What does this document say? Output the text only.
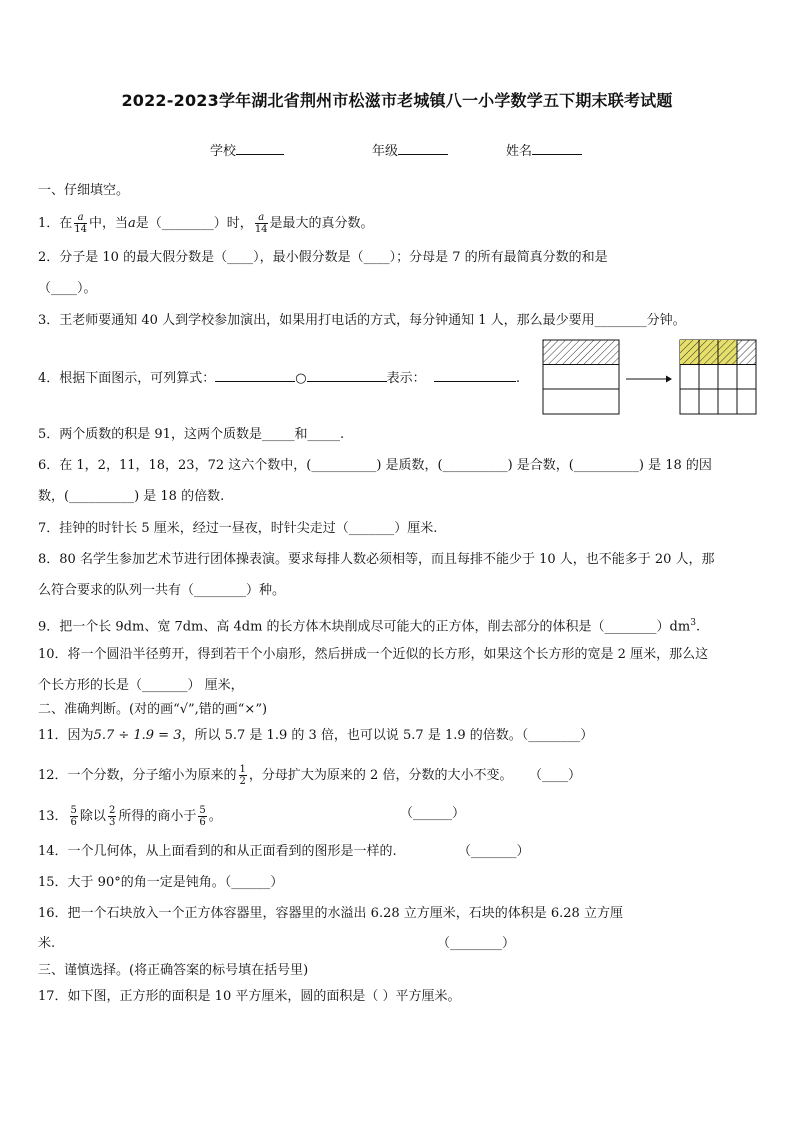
2022-2023学年湖北省荆州市松滋市老城镇八一小学数学五下期末联考试题
学校	年级	姓名
一、仔细填空。
1．在 $\frac{a}{14}$ 中，当a是（________）时， $\frac{a}{14}$ 是最大的真分数。
2．分子是 10 的最大假分数是（____），最小假分数是（____）；分母是 7 的所有最简真分数的和是
（____）。
3．王老师要通知 40 人到学校参加演出，如果用打电话的方式，每分钟通知 1 人，那么最少要用________分钟。
4．根据下面图示，可列算式：	○	表示：	.
5．两个质数的积是 91，这两个质数是_____和_____.
6．在 1，2，11，18，23，72 这六个数中，(__________) 是质数，(__________) 是合数，(__________) 是 18 的因
数，(__________) 是 18 的倍数.
7．挂钟的时针长 5 厘米，经过一昼夜，时针尖走过（_______）厘米.
8．80 名学生参加艺术节进行团体操表演。要求每排人数必须相等，而且每排不能少于 10 人，也不能多于 20 人，那
么符合要求的队列一共有（________）种。
9．把一个长 9dm、宽 7dm、高 4dm 的长方体木块削成尽可能大的正方体，削去部分的体积是$(\_\_\_\_\_\_\_\_)dm^3$.
10．将一个圆沿半径剪开，得到若干个小扇形，然后拼成一个近似的长方形，如果这个长方形的宽是 2 厘米，那么这
个长方形的长是（_______） 厘米，
二、准确判断。(对的画“√”,错的画“×”)
11．因为5.7 ÷ 1.9 = 3，所以 5.7 是 1.9 的 3 倍，也可以说 5.7 是 1.9 的倍数。（________）
12．一个分数，分子缩小为原来的 $\frac{1}{2}$ ，分母扩大为原来的 2 倍，分数的大小不变。 （____）
13． $\frac{5}{6}$ 除以 $\frac{2}{3}$ 所得的商小于 $\frac{5}{6}$ 。	（______）
14．一个几何体，从上面看到的和从正面看到的图形是一样的.	（_______）
15．大于 90°的角一定是钝角。（______）
16．把一个石块放入一个正方体容器里，容器里的水溢出 6.28 立方厘米，石块的体积是 6.28 立方厘
米.	（________）
三、谨慎选择。(将正确答案的标号填在括号里)
17．如下图，正方形的面积是 10 平方厘米，圆的面积是（ ）平方厘米。
